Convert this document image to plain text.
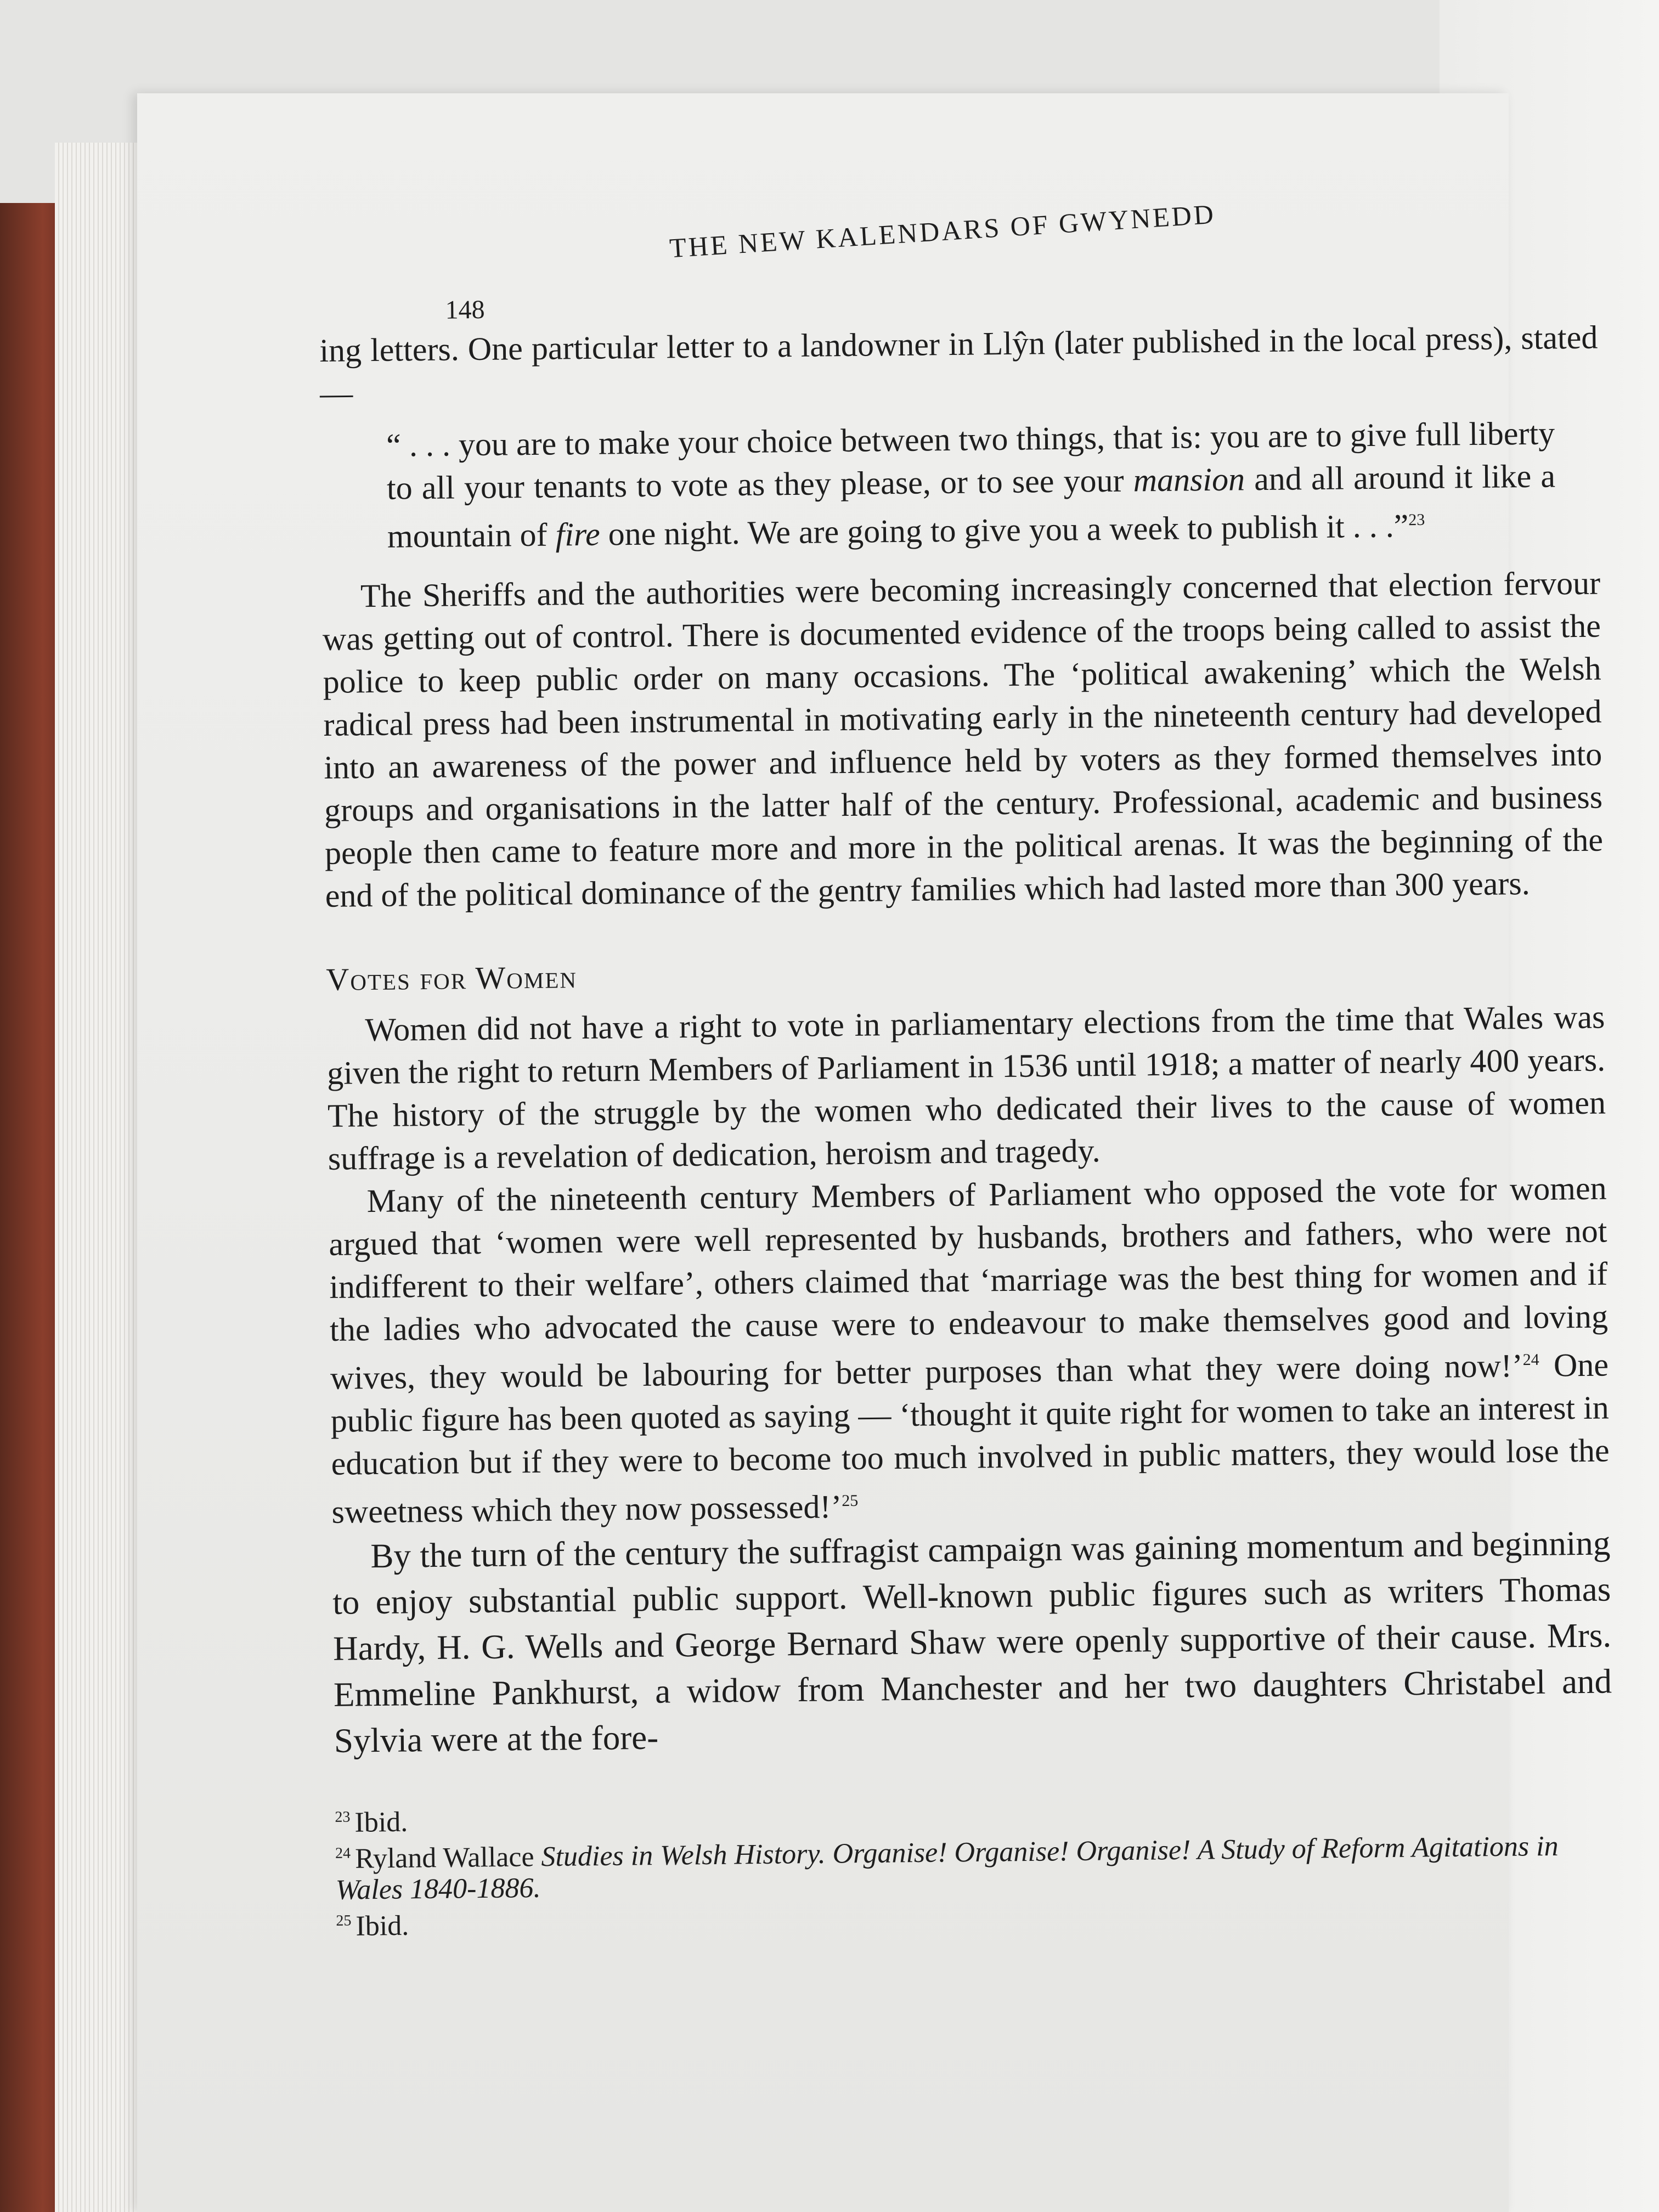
148
THE NEW KALENDARS OF GWYNEDD

ing letters. One particular letter to a landowner in Llŷn (later published in the local press), stated —

“ . . . you are to make your choice between two things, that is: you are to give full liberty to all your tenants to vote as they please, or to see your mansion and all around it like a mountain of fire one night. We are going to give you a week to publish it . . .”$^{23}$

The Sheriffs and the authorities were becoming increasingly concerned that election fervour was getting out of control. There is documented evidence of the troops being called to assist the police to keep public order on many occasions. The ‘political awakening’ which the Welsh radical press had been instrumental in motivating early in the nineteenth century had developed into an awareness of the power and influence held by voters as they formed themselves into groups and organisations in the latter half of the century. Professional, academic and business people then came to feature more and more in the political arenas. It was the beginning of the end of the political dominance of the gentry families which had lasted more than 300 years.

Votes for Women

Women did not have a right to vote in parliamentary elections from the time that Wales was given the right to return Members of Parliament in 1536 until 1918; a matter of nearly 400 years. The history of the struggle by the women who dedicated their lives to the cause of women suffrage is a revelation of dedication, heroism and tragedy.

Many of the nineteenth century Members of Parliament who opposed the vote for women argued that ‘women were well represented by husbands, brothers and fathers, who were not indifferent to their welfare’, others claimed that ‘marriage was the best thing for women and if the ladies who advocated the cause were to endeavour to make themselves good and loving wives, they would be labouring for better purposes than what they were doing now!’$^{24}$ One public figure has been quoted as saying — ‘thought it quite right for women to take an interest in education but if they were to become too much involved in public matters, they would lose the sweetness which they now possessed!’$^{25}$

By the turn of the century the suffragist campaign was gaining momentum and beginning to enjoy substantial public support. Well-known public figures such as writers Thomas Hardy, H. G. Wells and George Bernard Shaw were openly supportive of their cause. Mrs. Emmeline Pankhurst, a widow from Manchester and her two daughters Christabel and Sylvia were at the fore-

$^{23}$ Ibid.
$^{24}$ Ryland Wallace Studies in Welsh History. Organise! Organise! Organise! A Study of Reform Agitations in Wales 1840-1886.
$^{25}$ Ibid.
